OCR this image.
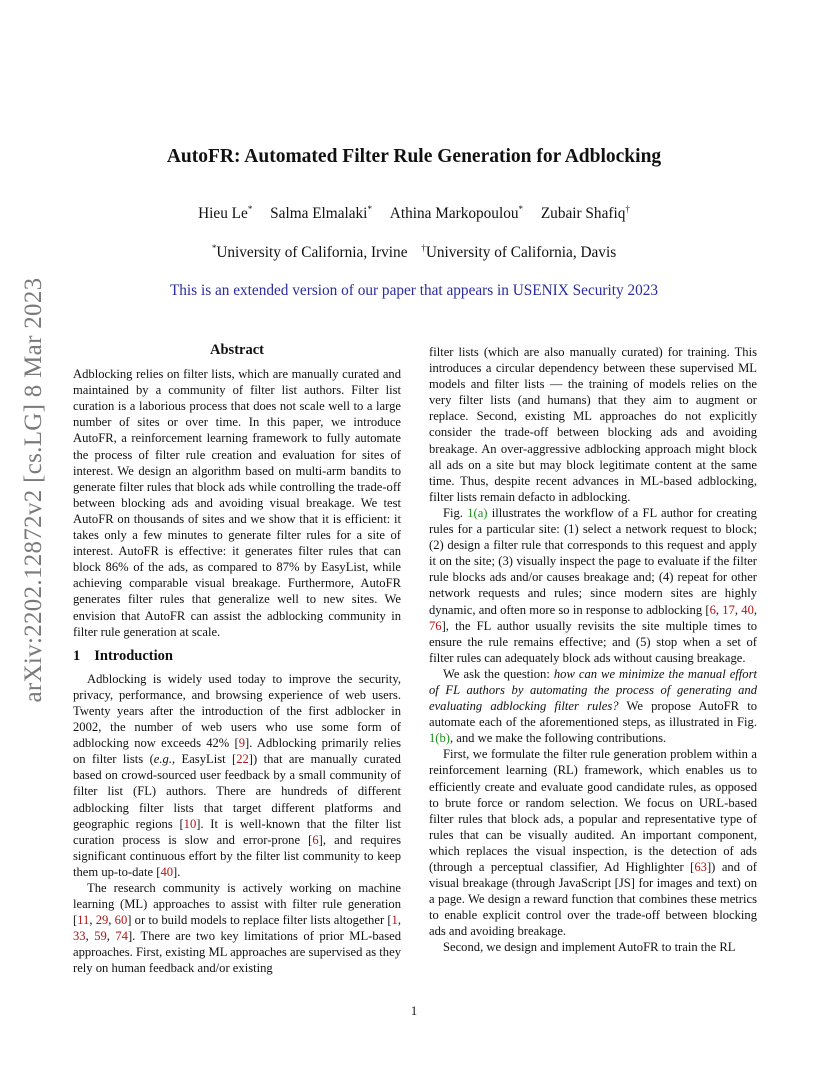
arXiv:2202.12872v2 [cs.LG] 8 Mar 2023
AutoFR: Automated Filter Rule Generation for Adblocking
Hieu Le* Salma Elmalaki* Athina Markopoulou* Zubair Shafiq†
*University of California, Irvine †University of California, Davis
This is an extended version of our paper that appears in USENIX Security 2023
Abstract

Adblocking relies on filter lists, which are manually curated and maintained by a community of filter list authors. Filter list curation is a laborious process that does not scale well to a large number of sites or over time. In this paper, we introduce AutoFR, a reinforcement learning framework to fully automate the process of filter rule creation and evaluation for sites of interest. We design an algorithm based on multi-arm bandits to generate filter rules that block ads while controlling the trade-off between blocking ads and avoiding visual breakage. We test AutoFR on thousands of sites and we show that it is efficient: it takes only a few minutes to generate filter rules for a site of interest. AutoFR is effective: it generates filter rules that can block 86% of the ads, as compared to 87% by EasyList, while achieving comparable visual breakage. Furthermore, AutoFR generates filter rules that generalize well to new sites. We envision that AutoFR can assist the adblocking community in filter rule generation at scale.

1 Introduction

Adblocking is widely used today to improve the security, privacy, performance, and browsing experience of web users. Twenty years after the introduction of the first adblocker in 2002, the number of web users who use some form of adblocking now exceeds 42% [9]. Adblocking primarily relies on filter lists (e.g., EasyList [22]) that are manually curated based on crowd-sourced user feedback by a small community of filter list (FL) authors. There are hundreds of different adblocking filter lists that target different platforms and geographic regions [10]. It is well-known that the filter list curation process is slow and error-prone [6], and requires significant continuous effort by the filter list community to keep them up-to-date [40].

The research community is actively working on machine learning (ML) approaches to assist with filter rule generation [11, 29, 60] or to build models to replace filter lists altogether [1, 33, 59, 74]. There are two key limitations of prior ML-based approaches. First, existing ML approaches are supervised as they rely on human feedback and/or existing

filter lists (which are also manually curated) for training. This introduces a circular dependency between these supervised ML models and filter lists — the training of models relies on the very filter lists (and humans) that they aim to augment or replace. Second, existing ML approaches do not explicitly consider the trade-off between blocking ads and avoiding breakage. An over-aggressive adblocking approach might block all ads on a site but may block legitimate content at the same time. Thus, despite recent advances in ML-based adblocking, filter lists remain defacto in adblocking.

Fig. 1(a) illustrates the workflow of a FL author for creating rules for a particular site: (1) select a network request to block; (2) design a filter rule that corresponds to this request and apply it on the site; (3) visually inspect the page to evaluate if the filter rule blocks ads and/or causes breakage and; (4) repeat for other network requests and rules; since modern sites are highly dynamic, and often more so in response to adblocking [6, 17, 40, 76], the FL author usually revisits the site multiple times to ensure the rule remains effective; and (5) stop when a set of filter rules can adequately block ads without causing breakage.

We ask the question: how can we minimize the manual effort of FL authors by automating the process of generating and evaluating adblocking filter rules? We propose AutoFR to automate each of the aforementioned steps, as illustrated in Fig. 1(b), and we make the following contributions.

First, we formulate the filter rule generation problem within a reinforcement learning (RL) framework, which enables us to efficiently create and evaluate good candidate rules, as opposed to brute force or random selection. We focus on URL-based filter rules that block ads, a popular and representative type of rules that can be visually audited. An important component, which replaces the visual inspection, is the detection of ads (through a perceptual classifier, Ad Highlighter [63]) and of visual breakage (through JavaScript [JS] for images and text) on a page. We design a reward function that combines these metrics to enable explicit control over the trade-off between blocking ads and avoiding breakage.

Second, we design and implement AutoFR to train the RL

1
